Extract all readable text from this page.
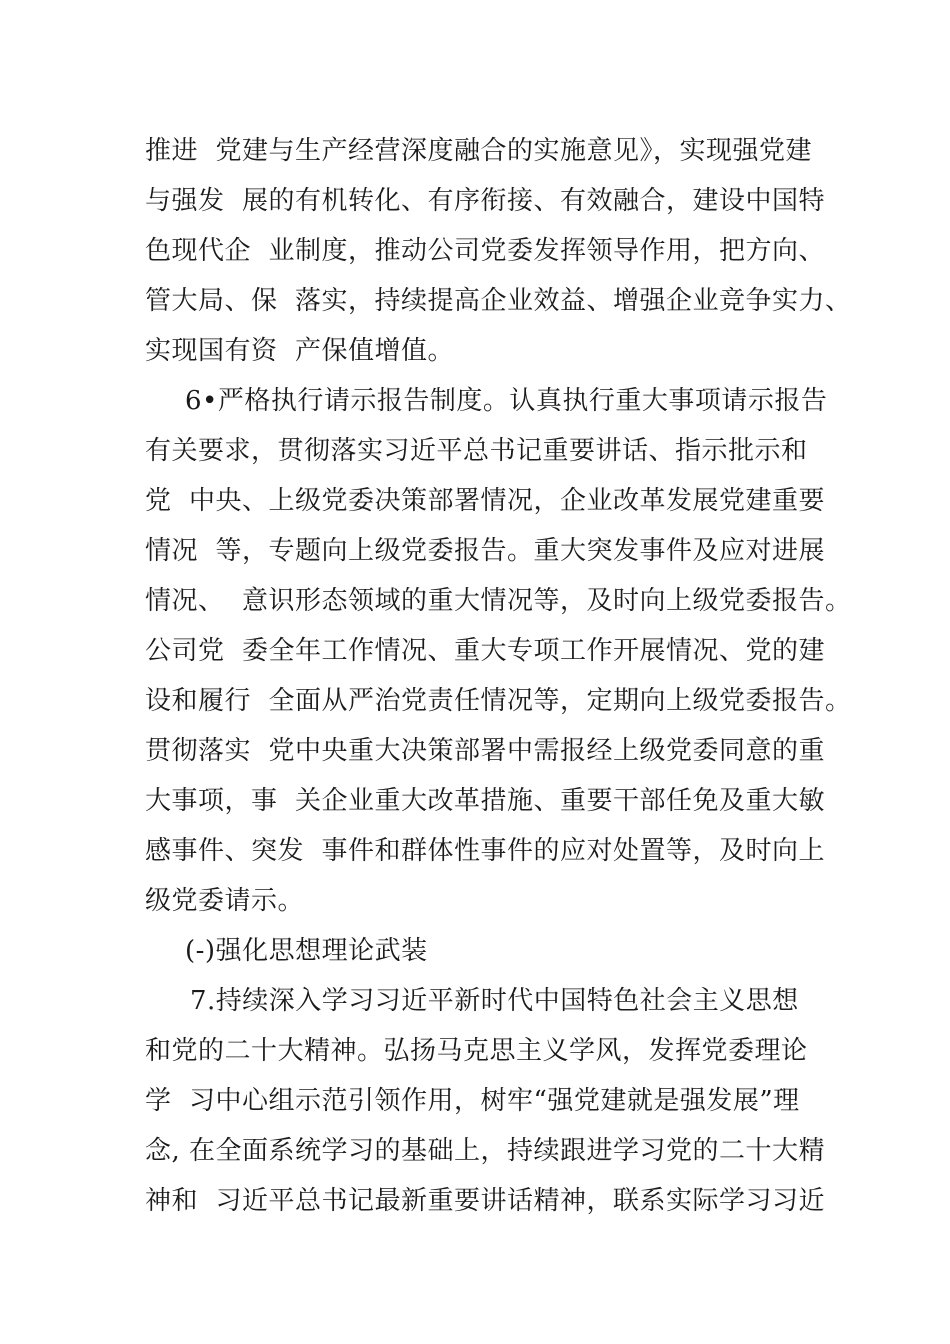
推进  党建与生产经营深度融合的实施意见》，实现强党建

与强发  展的有机转化、有序衔接、有效融合，建设中国特

色现代企  业制度，推动公司党委发挥领导作用，把方向、

管大局、保  落实，持续提高企业效益、增强企业竞争实力、

实现国有资  产保值增值。

6•严格执行请示报告制度。认真执行重大事项请示报告

有关要求，贯彻落实习近平总书记重要讲话、指示批示和

党  中央、上级党委决策部署情况，企业改革发展党建重要

情况  等，专题向上级党委报告。重大突发事件及应对进展

情况、  意识形态领域的重大情况等，及时向上级党委报告。

公司党  委全年工作情况、重大专项工作开展情况、党的建

设和履行  全面从严治党责任情况等，定期向上级党委报告。

贯彻落实  党中央重大决策部署中需报经上级党委同意的重

大事项，事  关企业重大改革措施、重要干部任免及重大敏

感事件、突发  事件和群体性事件的应对处置等，及时向上

级党委请示。

(-)强化思想理论武装

7.持续深入学习习近平新时代中国特色社会主义思想

和党的二十大精神。弘扬马克思主义学风，发挥党委理论

学  习中心组示范引领作用，树牢“强党建就是强发展”理

念, 在全面系统学习的基础上，持续跟进学习党的二十大精

神和  习近平总书记最新重要讲话精神，联系实际学习习近
